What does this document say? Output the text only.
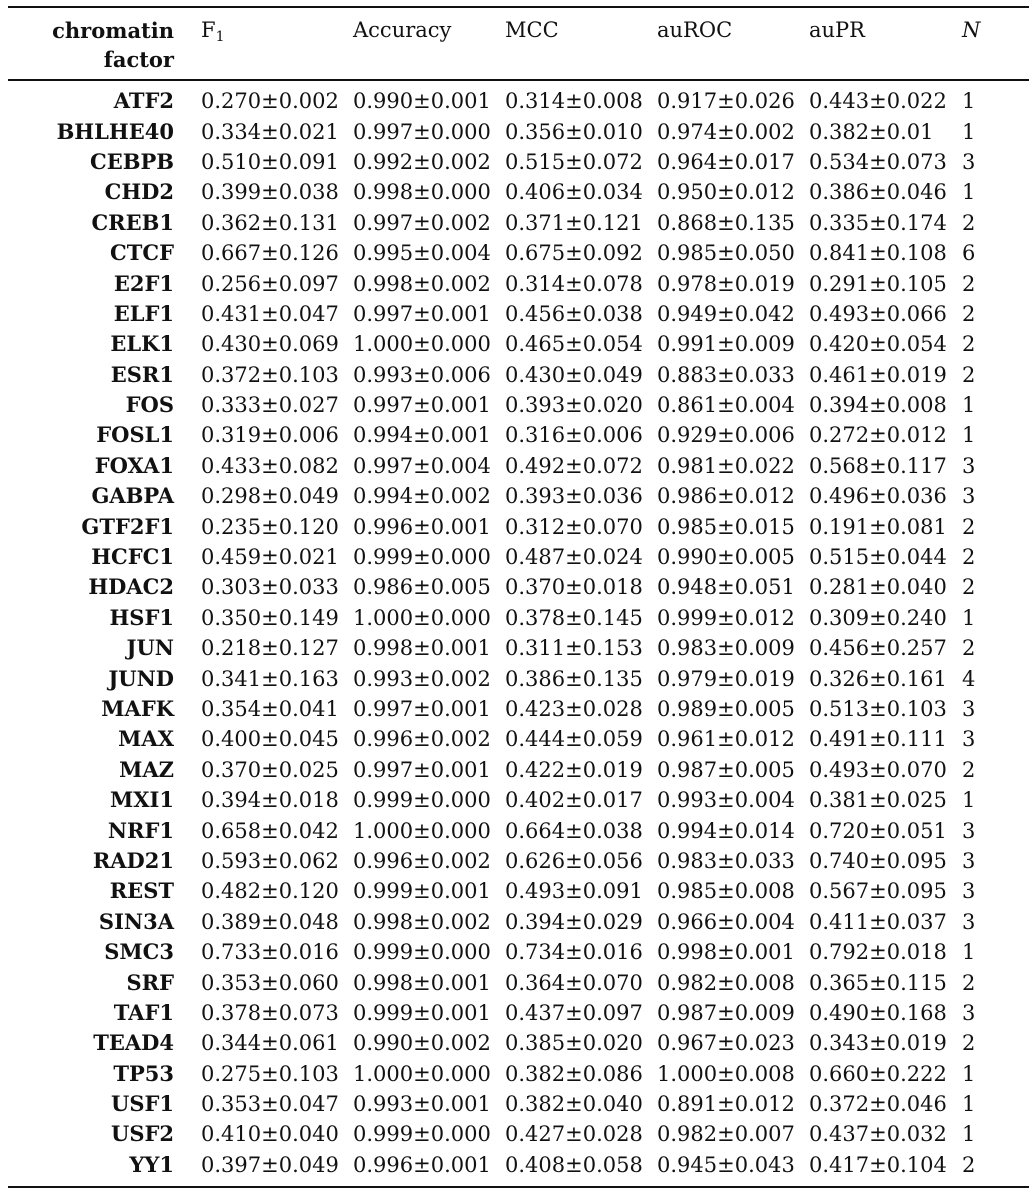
chromatin
factor
$F_1$	Accuracy	MCC	auROC	auPR	N
ATF2	0.270±0.002	0.990±0.001	0.314±0.008	0.917±0.026	0.443±0.022	1
BHLHE40	0.334±0.021	0.997±0.000	0.356±0.010	0.974±0.002	0.382±0.01	1
CEBPB	0.510±0.091	0.992±0.002	0.515±0.072	0.964±0.017	0.534±0.073	3
CHD2	0.399±0.038	0.998±0.000	0.406±0.034	0.950±0.012	0.386±0.046	1
CREB1	0.362±0.131	0.997±0.002	0.371±0.121	0.868±0.135	0.335±0.174	2
CTCF	0.667±0.126	0.995±0.004	0.675±0.092	0.985±0.050	0.841±0.108	6
E2F1	0.256±0.097	0.998±0.002	0.314±0.078	0.978±0.019	0.291±0.105	2
ELF1	0.431±0.047	0.997±0.001	0.456±0.038	0.949±0.042	0.493±0.066	2
ELK1	0.430±0.069	1.000±0.000	0.465±0.054	0.991±0.009	0.420±0.054	2
ESR1	0.372±0.103	0.993±0.006	0.430±0.049	0.883±0.033	0.461±0.019	2
FOS	0.333±0.027	0.997±0.001	0.393±0.020	0.861±0.004	0.394±0.008	1
FOSL1	0.319±0.006	0.994±0.001	0.316±0.006	0.929±0.006	0.272±0.012	1
FOXA1	0.433±0.082	0.997±0.004	0.492±0.072	0.981±0.022	0.568±0.117	3
GABPA	0.298±0.049	0.994±0.002	0.393±0.036	0.986±0.012	0.496±0.036	3
GTF2F1	0.235±0.120	0.996±0.001	0.312±0.070	0.985±0.015	0.191±0.081	2
HCFC1	0.459±0.021	0.999±0.000	0.487±0.024	0.990±0.005	0.515±0.044	2
HDAC2	0.303±0.033	0.986±0.005	0.370±0.018	0.948±0.051	0.281±0.040	2
HSF1	0.350±0.149	1.000±0.000	0.378±0.145	0.999±0.012	0.309±0.240	1
JUN	0.218±0.127	0.998±0.001	0.311±0.153	0.983±0.009	0.456±0.257	2
JUND	0.341±0.163	0.993±0.002	0.386±0.135	0.979±0.019	0.326±0.161	4
MAFK	0.354±0.041	0.997±0.001	0.423±0.028	0.989±0.005	0.513±0.103	3
MAX	0.400±0.045	0.996±0.002	0.444±0.059	0.961±0.012	0.491±0.111	3
MAZ	0.370±0.025	0.997±0.001	0.422±0.019	0.987±0.005	0.493±0.070	2
MXI1	0.394±0.018	0.999±0.000	0.402±0.017	0.993±0.004	0.381±0.025	1
NRF1	0.658±0.042	1.000±0.000	0.664±0.038	0.994±0.014	0.720±0.051	3
RAD21	0.593±0.062	0.996±0.002	0.626±0.056	0.983±0.033	0.740±0.095	3
REST	0.482±0.120	0.999±0.001	0.493±0.091	0.985±0.008	0.567±0.095	3
SIN3A	0.389±0.048	0.998±0.002	0.394±0.029	0.966±0.004	0.411±0.037	3
SMC3	0.733±0.016	0.999±0.000	0.734±0.016	0.998±0.001	0.792±0.018	1
SRF	0.353±0.060	0.998±0.001	0.364±0.070	0.982±0.008	0.365±0.115	2
TAF1	0.378±0.073	0.999±0.001	0.437±0.097	0.987±0.009	0.490±0.168	3
TEAD4	0.344±0.061	0.990±0.002	0.385±0.020	0.967±0.023	0.343±0.019	2
TP53	0.275±0.103	1.000±0.000	0.382±0.086	1.000±0.008	0.660±0.222	1
USF1	0.353±0.047	0.993±0.001	0.382±0.040	0.891±0.012	0.372±0.046	1
USF2	0.410±0.040	0.999±0.000	0.427±0.028	0.982±0.007	0.437±0.032	1
YY1	0.397±0.049	0.996±0.001	0.408±0.058	0.945±0.043	0.417±0.104	2
